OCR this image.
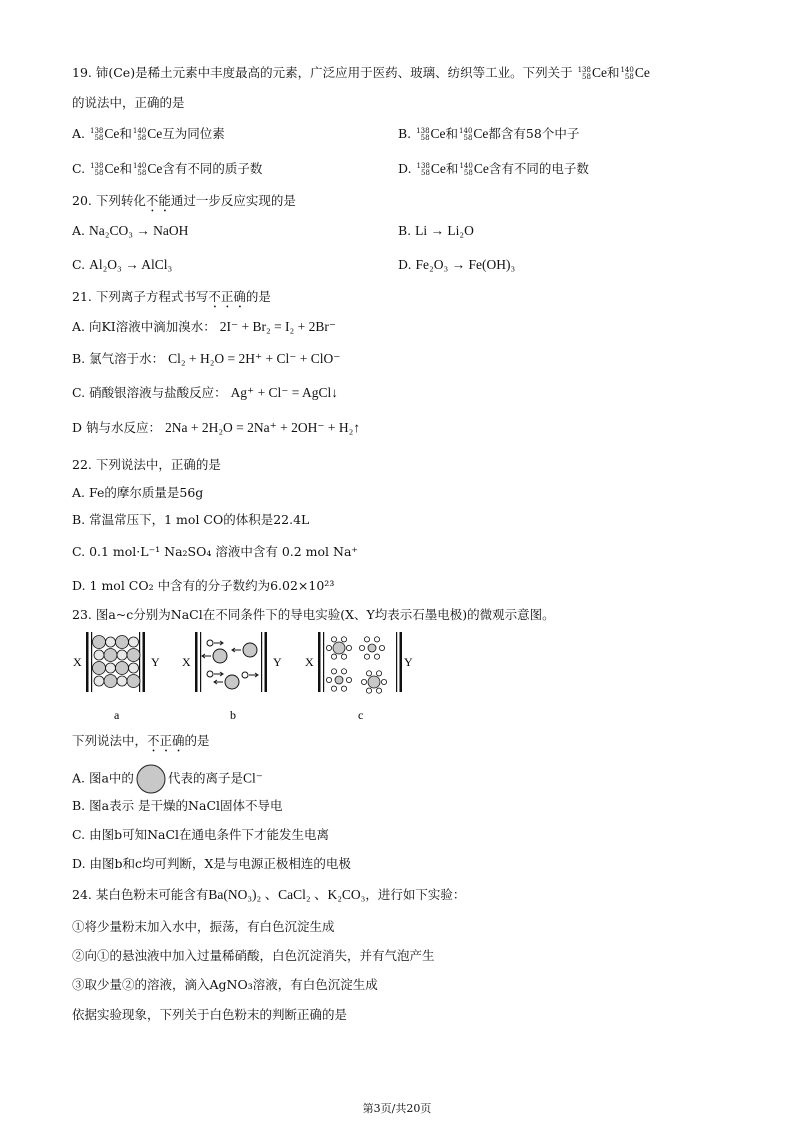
19. 铈(Ce)是稀土元素中丰度最高的元素，广泛应用于医药、玻璃、纺织等工业。下列关于 138
58 Ce和 140
58 Ce
的说法中，正确的是
A. 138
58 Ce和 140
58 Ce互为同位素	B. 138
58 Ce和 140
58 Ce都含有58个中子
C. 138
58 Ce和 140
58 Ce含有不同的质子数	D. 138
58 Ce和 140
58 Ce含有不同的电子数
20. 下列转化不能通过一步反应实现的是
A. Na₂CO₃ → NaOH	B. Li → Li₂O
C. Al₂O₃ → AlCl₃	D. Fe₂O₃ → Fe(OH)₃
21. 下列离子方程式书写不正确的是
A. 向KI溶液中滴加溴水： 2I⁻ + Br₂ = I₂ + 2Br⁻
B. 氯气溶于水： Cl₂ + H₂O = 2H⁺ + Cl⁻ + ClO⁻
C. 硝酸银溶液与盐酸反应： Ag⁺ + Cl⁻ = AgCl↓
D 钠与水反应： 2Na + 2H₂O = 2Na⁺ + 2OH⁻ + H₂↑
22. 下列说法中，正确的是
A. Fe的摩尔质量是56g
B. 常温常压下，1 mol CO的体积是22.4L
C. 0.1 mol·L⁻¹ Na₂SO₄ 溶液中含有 0.2 mol Na⁺
D. 1 mol CO₂ 中含有的分子数约为6.02×10²³
23. 图a~c分别为NaCl在不同条件下的导电实验(X、Y均表示石墨电极)的微观示意图。
X	Y
a
X	Y
b
X	Y
c
下列说法中，不正确的是
A. 图a中的	代表的离子是Cl⁻
B. 图a表示 是干燥的NaCl固体不导电
C. 由图b可知NaCl在通电条件下才能发生电离
D. 由图b和c均可判断，X是与电源正极相连的电极
24. 某白色粉末可能含有Ba(NO₃)₂ 、CaCl₂ 、K₂CO₃，进行如下实验：
①将少量粉末加入水中，振荡，有白色沉淀生成
②向①的悬浊液中加入过量稀硝酸，白色沉淀消失，并有气泡产生
③取少量②的溶液，滴入AgNO₃溶液，有白色沉淀生成
依据实验现象，下列关于白色粉末的判断正确的是
第3页/共20页
